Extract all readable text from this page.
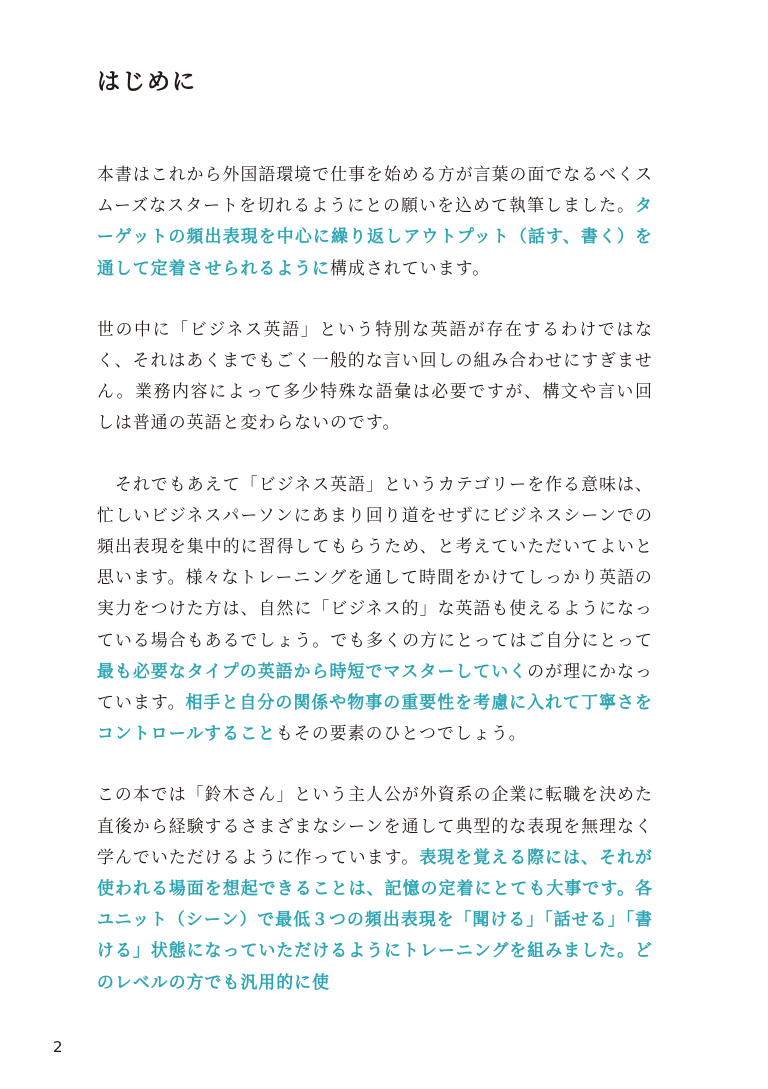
はじめに

本書はこれから外国語環境で仕事を始める方が言葉の面でなるべくスムーズなスタートを切れるようにとの願いを込めて執筆しました。ターゲットの頻出表現を中心に繰り返しアウトプット（話す、書く）を通して定着させられるように構成されています。

世の中に「ビジネス英語」という特別な英語が存在するわけではなく、それはあくまでもごく一般的な言い回しの組み合わせにすぎません。業務内容によって多少特殊な語彙は必要ですが、構文や言い回しは普通の英語と変わらないのです。

　それでもあえて「ビジネス英語」というカテゴリーを作る意味は、忙しいビジネスパーソンにあまり回り道をせずにビジネスシーンでの頻出表現を集中的に習得してもらうため、と考えていただいてよいと思います。様々なトレーニングを通して時間をかけてしっかり英語の実力をつけた方は、自然に「ビジネス的」な英語も使えるようになっている場合もあるでしょう。でも多くの方にとってはご自分にとって最も必要なタイプの英語から時短でマスターしていくのが理にかなっています。相手と自分の関係や物事の重要性を考慮に入れて丁寧さをコントロールすることもその要素のひとつでしょう。

この本では「鈴木さん」という主人公が外資系の企業に転職を決めた直後から経験するさまざまなシーンを通して典型的な表現を無理なく学んでいただけるように作っています。表現を覚える際には、それが使われる場面を想起できることは、記憶の定着にとても大事です。各ユニット（シーン）で最低３つの頻出表現を「聞ける」「話せる」「書ける」状態になっていただけるようにトレーニングを組みました。どのレベルの方でも汎用的に使

2
